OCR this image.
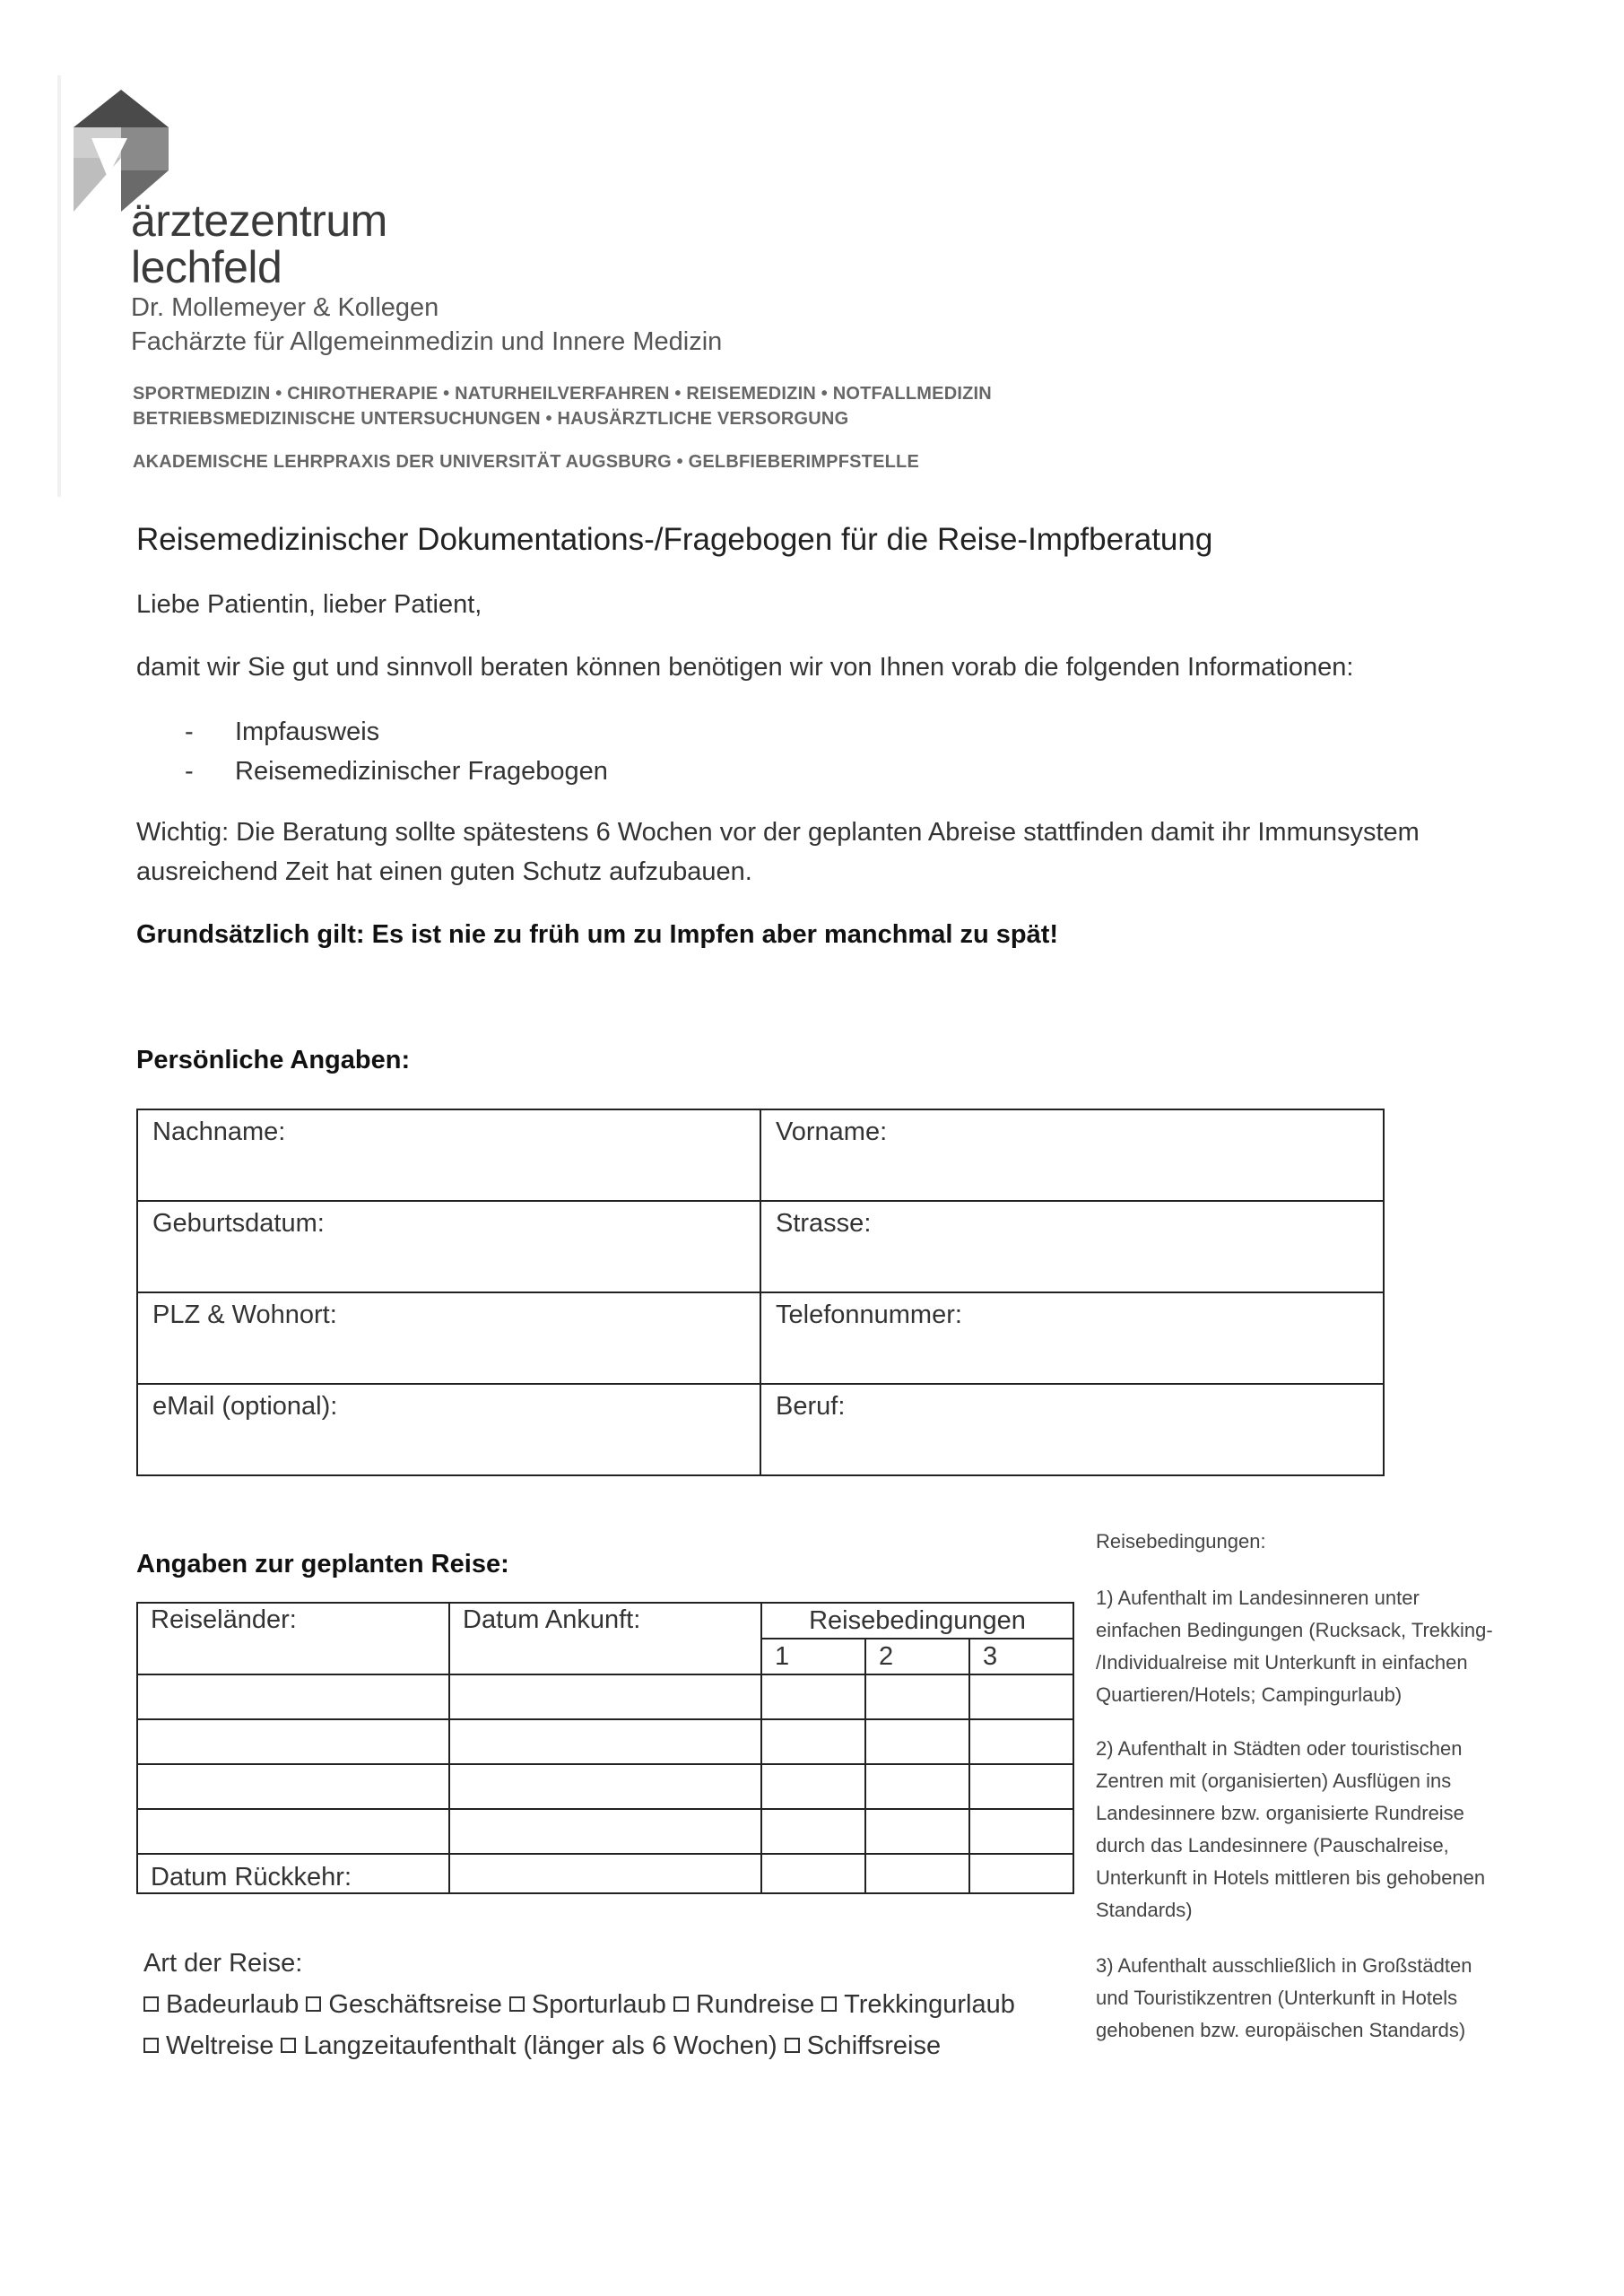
ärztezentrum
lechfeld
Dr. Mollemeyer & Kollegen
Fachärzte für Allgemeinmedizin und Innere Medizin
SPORTMEDIZIN • CHIROTHERAPIE • NATURHEILVERFAHREN • REISEMEDIZIN • NOTFALLMEDIZIN
BETRIEBSMEDIZINISCHE UNTERSUCHUNGEN • HAUSÄRZTLICHE VERSORGUNG
AKADEMISCHE LEHRPRAXIS DER UNIVERSITÄT AUGSBURG • GELBFIEBERIMPFSTELLE
Reisemedizinischer Dokumentations-/Fragebogen für die Reise-Impfberatung
Liebe Patientin, lieber Patient,
damit wir Sie gut und sinnvoll beraten können benötigen wir von Ihnen vorab die folgenden Informationen:
- Impfausweis
- Reisemedizinischer Fragebogen
Wichtig: Die Beratung sollte spätestens 6 Wochen vor der geplanten Abreise stattfinden damit ihr Immunsystem
ausreichend Zeit hat einen guten Schutz aufzubauen.
Grundsätzlich gilt: Es ist nie zu früh um zu Impfen aber manchmal zu spät!
Persönliche Angaben:
Nachname:	Vorname:
Geburtsdatum:	Strasse:
PLZ & Wohnort:	Telefonnummer:
eMail (optional):	Beruf:
Angaben zur geplanten Reise:
Reiseländer:	Datum Ankunft:	Reisebedingungen		
		1	2	3

Datum Rückkehr:				
Art der Reise:
Badeurlaub Geschäftsreise Sporturlaub Rundreise Trekkingurlaub
Weltreise Langzeitaufenthalt (länger als 6 Wochen) Schiffsreise
Reisebedingungen:
1) Aufenthalt im Landesinneren unter
einfachen Bedingungen (Rucksack, Trekking-
/Individualreise mit Unterkunft in einfachen
Quartieren/Hotels; Campingurlaub)
2) Aufenthalt in Städten oder touristischen
Zentren mit (organisierten) Ausflügen ins
Landesinnere bzw. organisierte Rundreise
durch das Landesinnere (Pauschalreise,
Unterkunft in Hotels mittleren bis gehobenen
Standards)
3) Aufenthalt ausschließlich in Großstädten
und Touristikzentren (Unterkunft in Hotels
gehobenen bzw. europäischen Standards)
